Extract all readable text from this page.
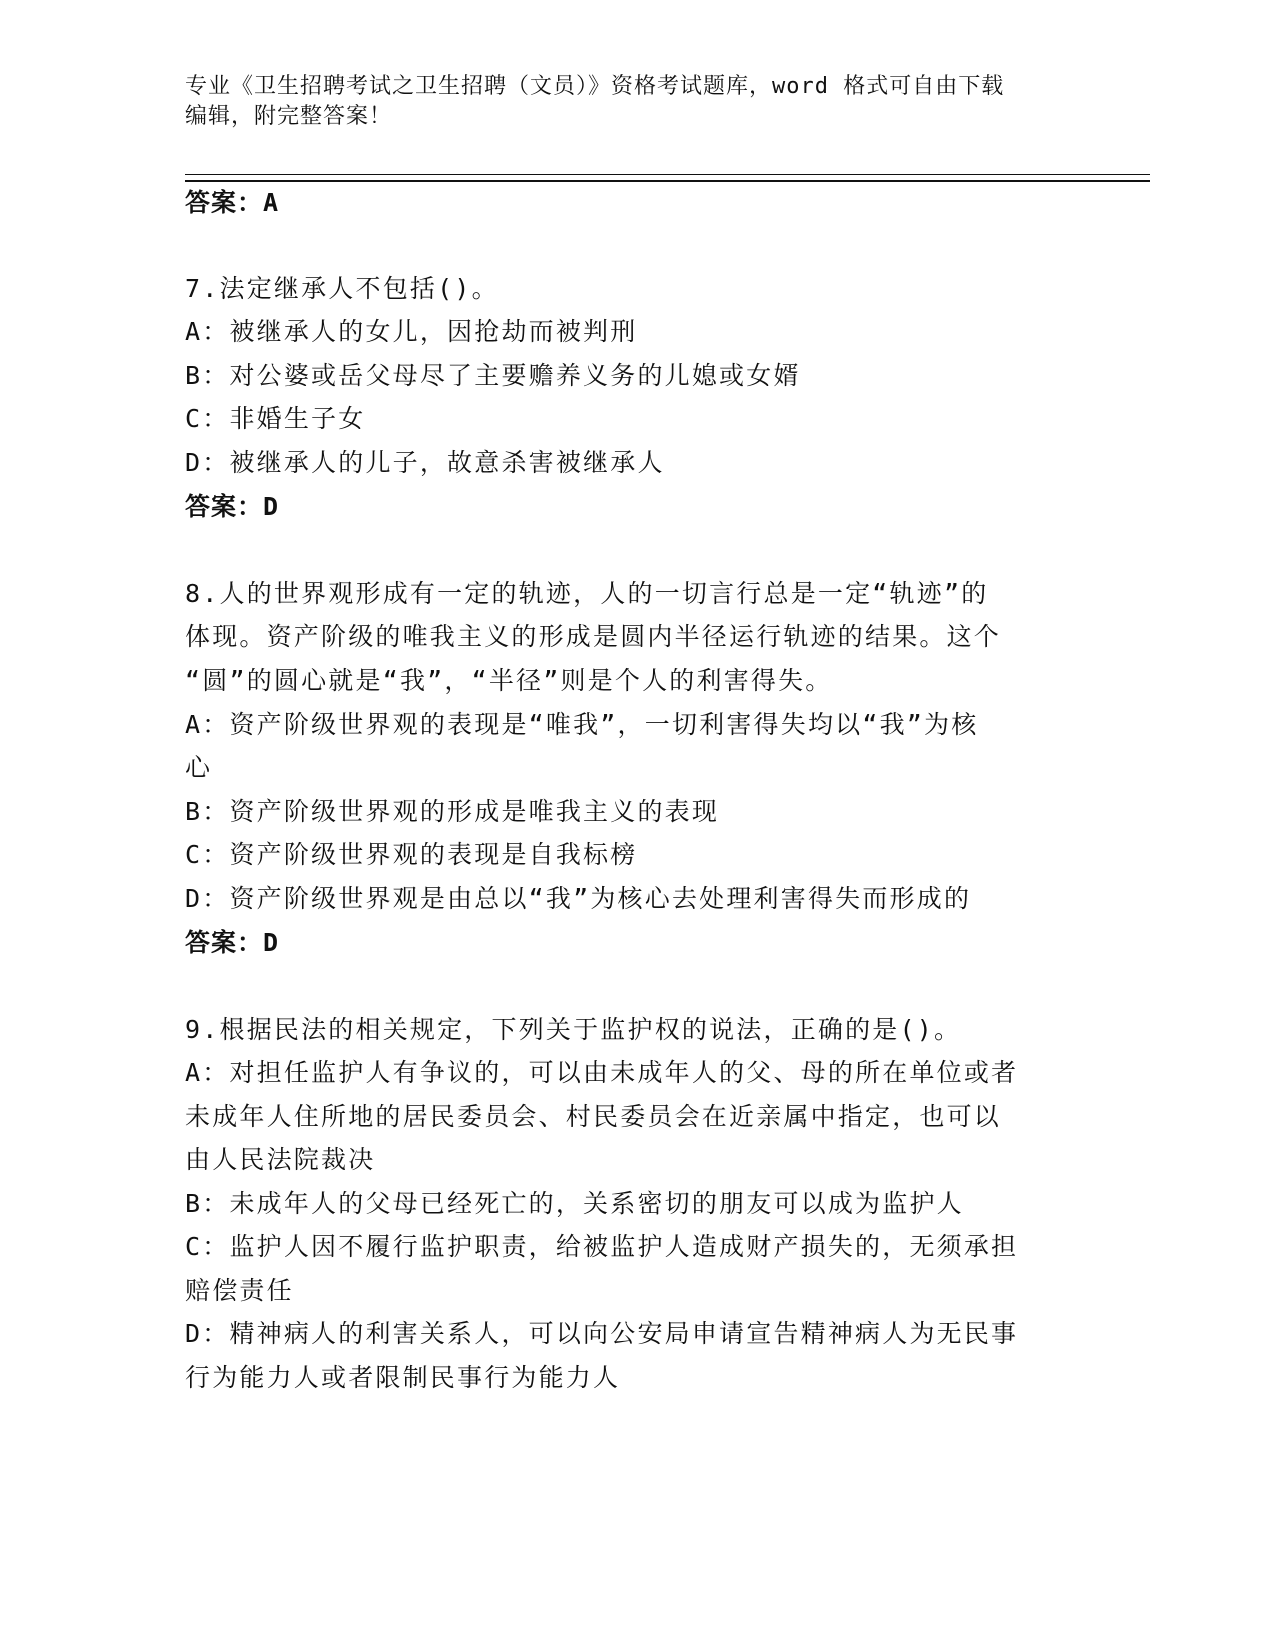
专业《卫生招聘考试之卫生招聘（文员）》资格考试题库，word 格式可自由下载
编辑，附完整答案！
答案：A
7.法定继承人不包括()。
A：被继承人的女儿，因抢劫而被判刑
B：对公婆或岳父母尽了主要赡养义务的儿媳或女婿
C：非婚生子女
D：被继承人的儿子，故意杀害被继承人
答案：D
8.人的世界观形成有一定的轨迹，人的一切言行总是一定“轨迹”的
体现。资产阶级的唯我主义的形成是圆内半径运行轨迹的结果。这个
“圆”的圆心就是“我”，“半径”则是个人的利害得失。
A：资产阶级世界观的表现是“唯我”，一切利害得失均以“我”为核
心
B：资产阶级世界观的形成是唯我主义的表现
C：资产阶级世界观的表现是自我标榜
D：资产阶级世界观是由总以“我”为核心去处理利害得失而形成的
答案：D
9.根据民法的相关规定，下列关于监护权的说法，正确的是()。
A：对担任监护人有争议的，可以由未成年人的父、母的所在单位或者
未成年人住所地的居民委员会、村民委员会在近亲属中指定，也可以
由人民法院裁决
B：未成年人的父母已经死亡的，关系密切的朋友可以成为监护人
C：监护人因不履行监护职责，给被监护人造成财产损失的，无须承担
赔偿责任
D：精神病人的利害关系人，可以向公安局申请宣告精神病人为无民事
行为能力人或者限制民事行为能力人
